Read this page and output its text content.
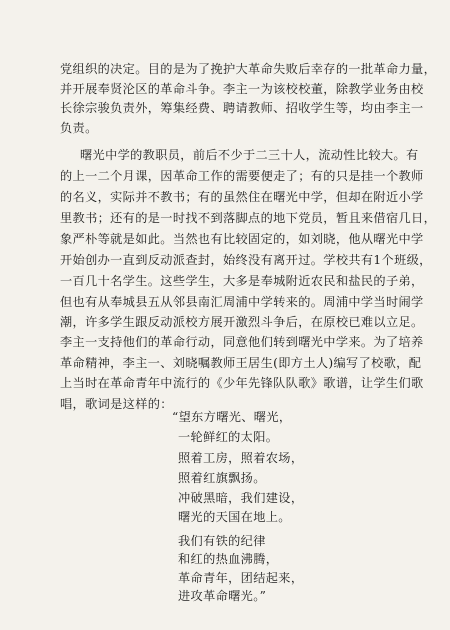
党组织的决定。目的是为了挽护大革命失败后幸存的一批革命力量，
并开展奉贤沦区的革命斗争。李主一为该校校董，除教学业务由校
长徐宗骏负责外，筹集经费、聘请教师、招收学生等，均由李主一
负责。
曙光中学的教职员，前后不少于二三十人，流动性比较大。有
的上一二个月课，因革命工作的需要便走了；有的只是挂一个教师
的名义，实际并不教书；有的虽然住在曙光中学，但却在附近小学
里教书；还有的是一时找不到落脚点的地下党员，暂且来借宿几日，
象严朴等就是如此。当然也有比较固定的，如刘晓，他从曙光中学
开始创办一直到反动派查封，始终没有离开过。学校共有1个班级，
一百几十名学生。这些学生，大多是奉城附近农民和盐民的子弟，
但也有从奉城县五从邻县南汇周浦中学转来的。周浦中学当时闹学
潮，许多学生跟反动派校方展开激烈斗争后，在原校已难以立足。
李主一支持他们的革命行动，同意他们转到曙光中学来。为了培养
革命精神，李主一、刘晓嘱教师王居生(即方土人)编写了校歌，配
上当时在革命青年中流行的《少年先锋队队歌》歌谱，让学生们歌
唱，歌词是这样的：
“望东方曙光、曙光，
一轮鲜红的太阳。
照着工房，照着农场，
照着红旗飘扬。
冲破黑暗，我们建设，
曙光的天国在地上。
我们有铁的纪律
和红的热血沸腾，
革命青年，团结起来，
进攻革命曙光。”
